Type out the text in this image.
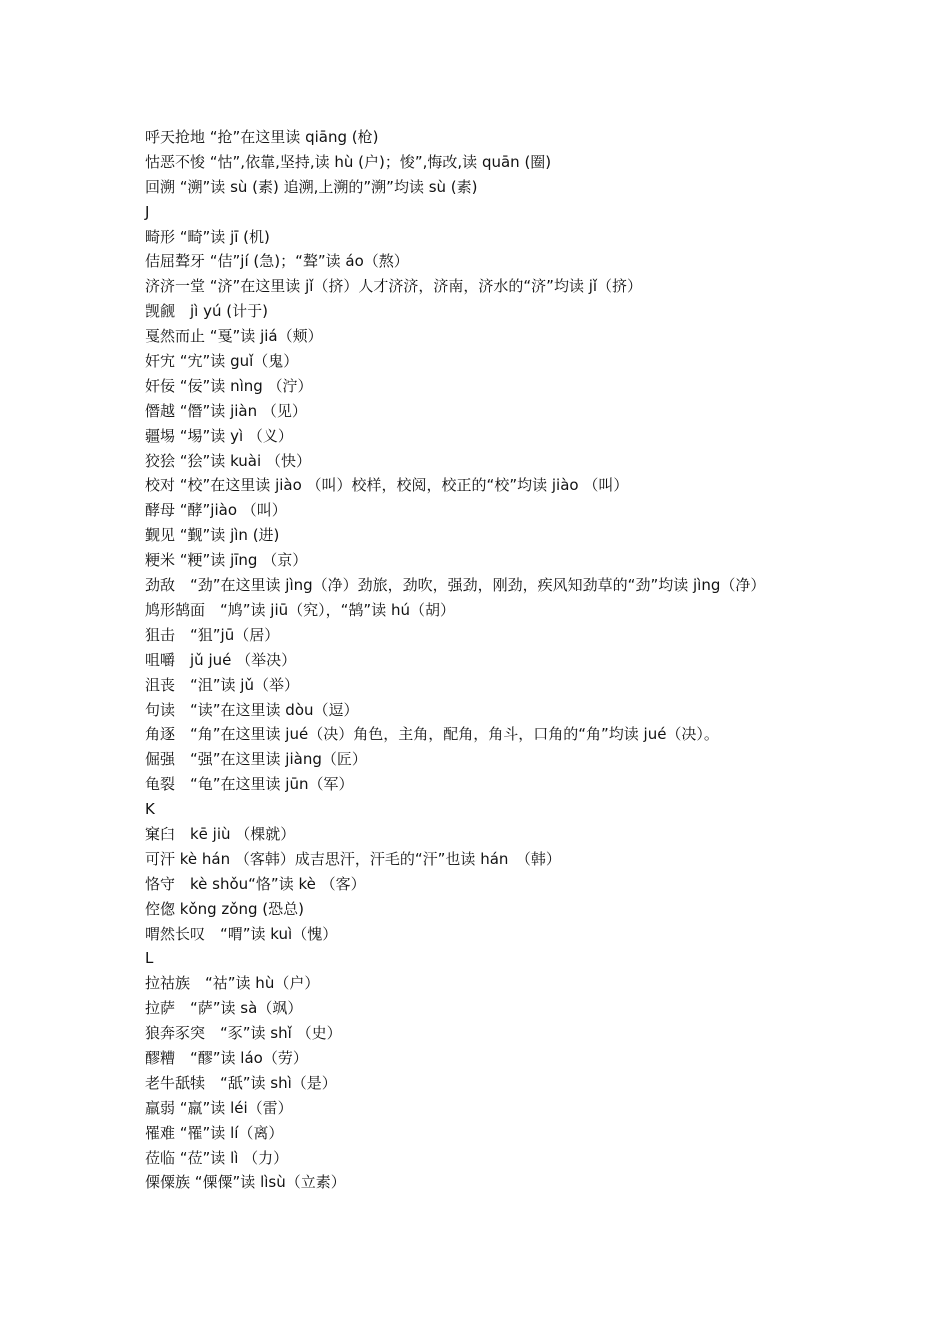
呼天抢地 “抢”在这里读 qiāng (枪)
怙恶不悛 “怙”,依靠,坚持,读 hù (户)；悛”,悔改,读 quān (圈)
回溯 “溯”读 sù (素) 追溯,上溯的”溯”均读 sù (素)
J
畸形 “畸”读 jī (机)
佶屈聱牙 “佶”jí (急)；“聱”读 áo（熬）
济济一堂 “济”在这里读 jǐ（挤）人才济济，济南，济水的“济”均读 jǐ（挤）
觊觎　jì yú (计于)
戛然而止 “戛”读 jiá（颊）
奸宄 “宄”读 guǐ（鬼）
奸佞 “佞”读 nìng （泞）
僭越 “僭”读 jiàn （见）
疆埸 “埸”读 yì （义）
狡狯 “狯”读 kuài （快）
校对 “校”在这里读 jiào （叫）校样，校阅，校正的“校”均读 jiào （叫）
酵母 “酵”jiào （叫）
觐见 “觐”读 jìn (进)
粳米 “粳”读 jīng （京）
劲敌　“劲”在这里读 jìng（净）劲旅，劲吹，强劲，刚劲，疾风知劲草的“劲”均读 jìng（净）
鸠形鹄面　“鸠”读 jiū（究），“鹄”读 hú（胡）
狙击　“狙”jū（居）
咀嚼　jǔ jué （举决）
沮丧　“沮”读 jǔ（举）
句读　“读”在这里读 dòu（逗）
角逐　“角”在这里读 jué（决）角色，主角，配角，角斗，口角的“角”均读 jué（决）。
倔强　“强”在这里读 jiàng（匠）
龟裂　“龟”在这里读 jūn（军）
K
窠臼　kē jiù （棵就）
可汗 kè hán （客韩）成吉思汗，汗毛的“汗”也读 hán　（韩）
恪守　kè shǒu“恪”读 kè （客）
倥偬 kǒng zǒng (恐总)
喟然长叹　“喟”读 kuì（愧）
L
拉祜族　“祜”读 hù（户）
拉萨　“萨”读 sà（飒）
狼奔豕突　“豕”读 shǐ （史）
醪糟　“醪”读 láo（劳）
老牛舐犊　“舐”读 shì（是）
羸弱 “羸”读 léi（雷）
罹难 “罹”读 lí（离）
莅临 “莅”读 lì （力）
傈僳族 “傈僳”读 lìsù（立素）
